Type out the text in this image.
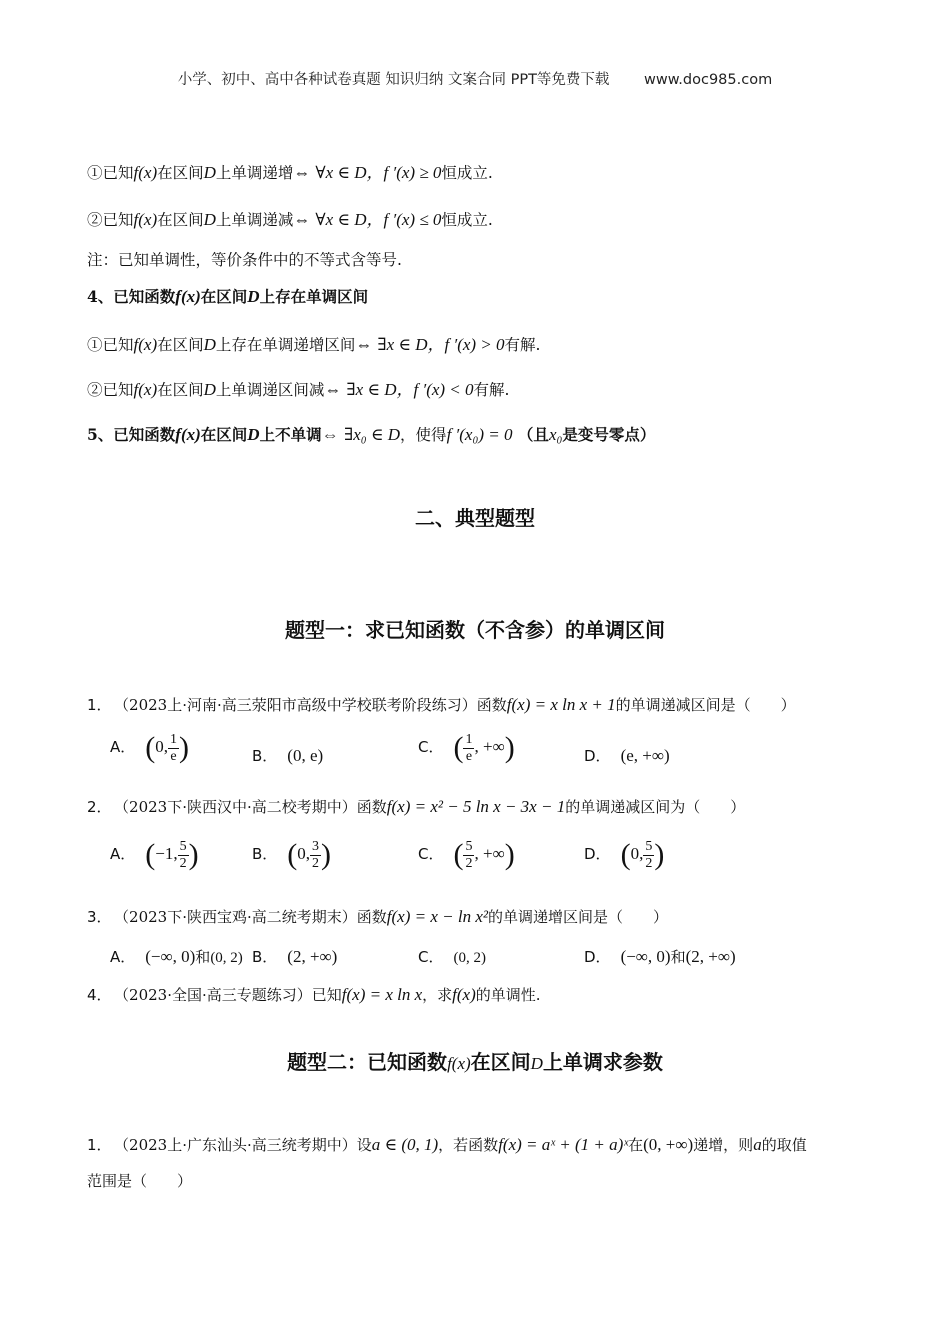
小学、初中、高中各种试卷真题 知识归纳 文案合同 PPT等免费下载 www.doc985.com
①已知f(x)在区间D上单调递增⇔ ∀x ∈ D，f ′(x) ≥ 0恒成立.
②已知f(x)在区间D上单调递减⇔ ∀x ∈ D，f ′(x) ≤ 0恒成立.
注：已知单调性，等价条件中的不等式含等号.
4、已知函数f(x)在区间D上存在单调区间
①已知f(x)在区间D上存在单调递增区间⇔ ∃x ∈ D，f ′(x) > 0有解.
②已知f(x)在区间D上单调递区间减⇔ ∃x ∈ D，f ′(x) < 0有解.
5、已知函数f(x)在区间D上不单调⇔ ∃x₀ ∈ D，使得f ′(x₀) = 0 （且x₀是变号零点）
二、典型题型
题型一：求已知函数（不含参）的单调区间
1． （2023上·河南·高三荥阳市高级中学校联考阶段练习）函数f(x) = x ln x + 1的单调递减区间是（　　）
A． (0, $\frac{1}{e}$ )	B． (0, e)	C． ( $\frac{1}{e}$ , +∞)	D． (e, +∞)
2． （2023下·陕西汉中·高二校考期中）函数f(x) = x² − 5 ln x − 3x − 1的单调递减区间为（　　）
A． (−1, $\frac{5}{2}$ )	B． (0, $\frac{3}{2}$ )	C． ( $\frac{5}{2}$ , +∞)	D． (0, $\frac{5}{2}$ )
3． （2023下·陕西宝鸡·高二统考期末）函数f(x) = x − ln x²的单调递增区间是（　　）
A． (−∞, 0)和(0, 2) B． (2, +∞)	C． (0, 2)	D． (−∞, 0)和(2, +∞)
4． （2023·全国·高三专题练习）已知f(x) = x ln x，求f(x)的单调性.
题型二：已知函数f(x)在区间D上单调求参数
1． （2023上·广东汕头·高三统考期中）设a ∈ (0, 1)，若函数f(x) = aˣ + (1 + a)ˣ在(0, +∞)递增，则a的取值
范围是（　　）
